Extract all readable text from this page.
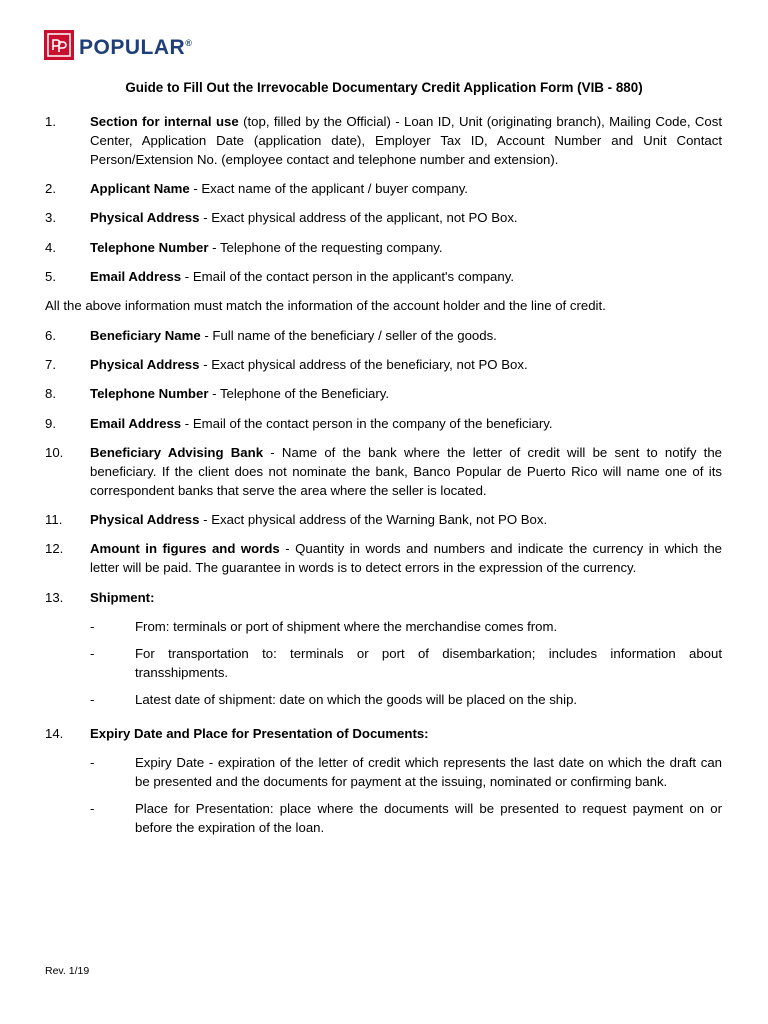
POPULAR®
Guide to Fill Out the Irrevocable Documentary Credit Application Form (VIB - 880)
1.	Section for internal use (top, filled by the Official) - Loan ID, Unit (originating branch), Mailing Code, Cost Center, Application Date (application date), Employer Tax ID, Account Number and Unit Contact Person/Extension No. (employee contact and telephone number and extension).
2.	Applicant Name - Exact name of the applicant / buyer company.
3.	Physical Address - Exact physical address of the applicant, not PO Box.
4.	Telephone Number - Telephone of the requesting company.
5.	Email Address - Email of the contact person in the applicant's company.
All the above information must match the information of the account holder and the line of credit.
6.	Beneficiary Name - Full name of the beneficiary / seller of the goods.
7.	Physical Address - Exact physical address of the beneficiary, not PO Box.
8.	Telephone Number - Telephone of the Beneficiary.
9.	Email Address - Email of the contact person in the company of the beneficiary.
10. Beneficiary Advising Bank - Name of the bank where the letter of credit will be sent to notify the beneficiary. If the client does not nominate the bank, Banco Popular de Puerto Rico will name one of its correspondent banks that serve the area where the seller is located.
11. Physical Address - Exact physical address of the Warning Bank, not PO Box.
12. Amount in figures and words - Quantity in words and numbers and indicate the currency in which the letter will be paid. The guarantee in words is to detect errors in the expression of the currency.
13. Shipment:
-	From: terminals or port of shipment where the merchandise comes from.
-	For transportation to: terminals or port of disembarkation; includes information about transshipments.
-	Latest date of shipment: date on which the goods will be placed on the ship.
14. Expiry Date and Place for Presentation of Documents:
-	Expiry Date - expiration of the letter of credit which represents the last date on which the draft can be presented and the documents for payment at the issuing, nominated or confirming bank.
-	Place for Presentation: place where the documents will be presented to request payment on or before the expiration of the loan.
Rev. 1/19
